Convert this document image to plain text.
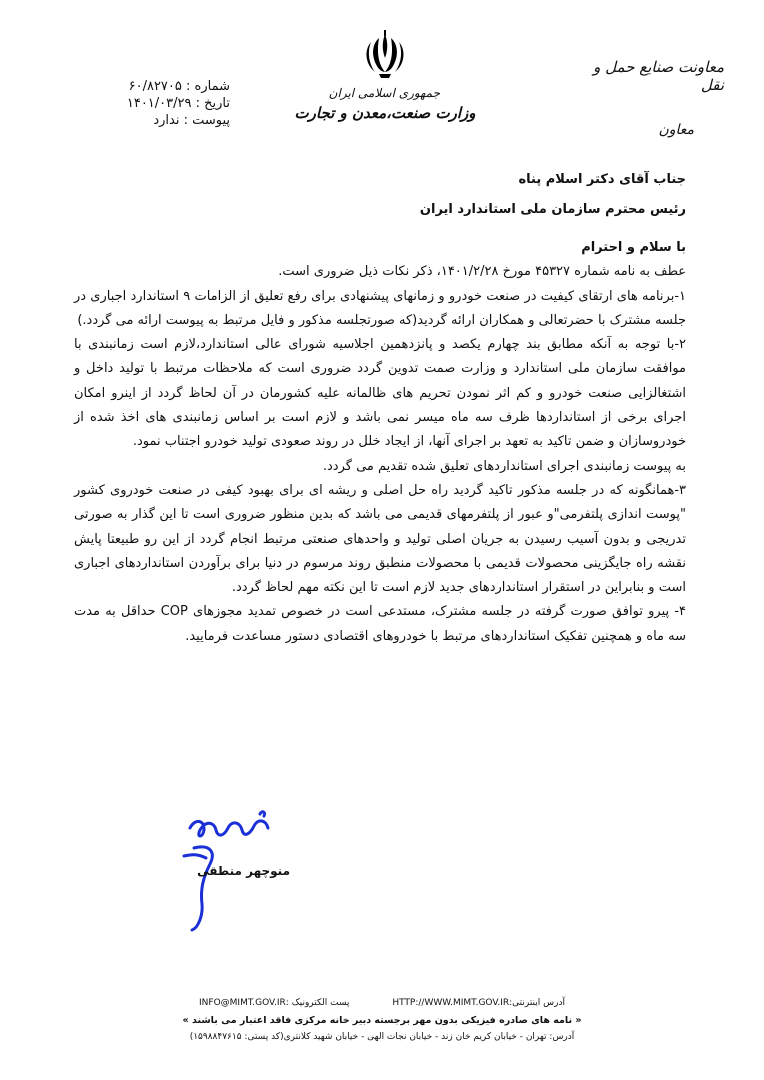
معاونت صنایع حمل و نقل
معاون
جمهوری اسلامی ایران
وزارت صنعت،معدن و تجارت
شماره : ۶۰/۸۲۷۰۵
تاریخ : ۱۴۰۱/۰۳/۲۹
پیوست : ندارد
جناب آقای دکتر اسلام پناه
رئیس محترم سازمان ملی استاندارد ایران
با سلام و احترام
عطف به نامه شماره ۴۵۳۲۷ مورخ ۱۴۰۱/۲/۲۸، ذکر نکات ذیل ضروری است.
۱-برنامه های ارتقای کیفیت در صنعت خودرو و زمانهای پیشنهادی برای رفع تعلیق از الزامات ۹ استاندارد اجباری در جلسه مشترک با حضرتعالی و همکاران ارائه گردید(که صورتجلسه مذکور و فایل مرتبط به پیوست ارائه می گردد.)
۲-با توجه به آنکه مطابق بند چهارم یکصد و پانزدهمین اجلاسیه شورای عالی استاندارد،لازم است زمانبندی با موافقت سازمان ملی استاندارد و وزارت صمت تدوین گردد ضروری است که ملاحظات مرتبط با تولید داخل و اشتغالزایی صنعت خودرو و کم اثر نمودن تحریم های ظالمانه علیه کشورمان در آن لحاظ گردد از اینرو امکان اجرای برخی از استانداردها ظرف سه ماه میسر نمی باشد و لازم است بر اساس زمانبندی های اخذ شده از خودروسازان و ضمن تاکید به تعهد بر اجرای آنها، از ایجاد خلل در روند صعودی تولید خودرو اجتناب نمود.
به پیوست زمانبندی اجرای استانداردهای تعلیق شده تقدیم می گردد.
۳-همانگونه که در جلسه مذکور تاکید گردید راه حل اصلی و ریشه ای برای بهبود کیفی در صنعت خودروی کشور "پوست اندازی پلتفرمی"و عبور از پلتفرمهای قدیمی می باشد که بدین منظور ضروری است تا این گذار به صورتی تدریجی و بدون آسیب رسیدن به جریان اصلی تولید و واحدهای صنعتی مرتبط انجام گردد از این رو طبیعتا پایش نقشه راه جایگزینی محصولات قدیمی با محصولات منطبق روند مرسوم در دنیا برای برآوردن استانداردهای اجباری است و بنابراین در استقرار استانداردهای جدید لازم است تا این نکته مهم لحاظ گردد.
۴- پیرو توافق صورت گرفته در جلسه مشترک، مستدعی است در خصوص تمدید مجوزهای COP حداقل به مدت سه ماه و همچنین تفکیک استانداردهای مرتبط با خودروهای اقتصادی دستور مساعدت فرمایید.
منوچهر منطقی
آدرس اینترنتی:HTTP://WWW.MIMT.GOV.IR پست الکترونیک :INFO@MIMT.GOV.IR
« نامه های صادره فیزیکی بدون مهر برجسته دبیر خانه مرکزی فاقد اعتبار می باشند »
آدرس: تهران - خیابان کریم خان زند - خیابان نجات الهی - خیابان شهید کلانتری(کد پستی: ۱۵۹۸۸۴۷۶۱۵)
